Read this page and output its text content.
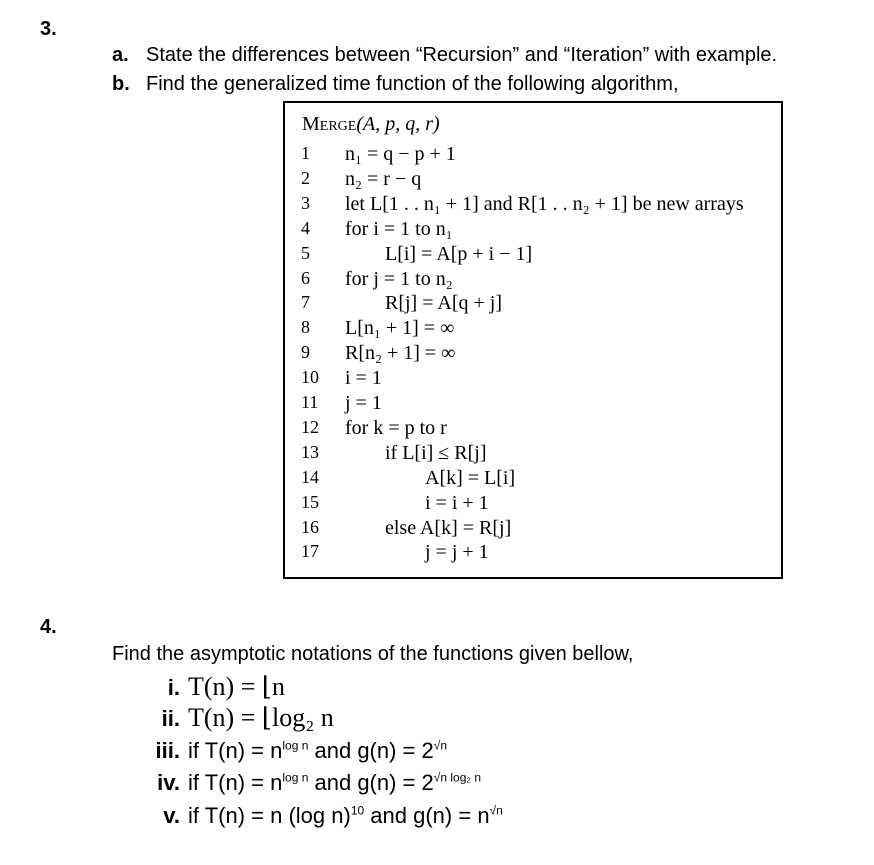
3.
a. State the differences between “Recursion” and “Iteration” with example.
b. Find the generalized time function of the following algorithm,
Merge(A, p, q, r)
1	n₁ = q − p + 1
2	n₂ = r − q
3	let L[1 . . n₁ + 1] and R[1 . . n₂ + 1] be new arrays
4	for i = 1 to n₁
5	L[i] = A[p + i − 1]
6	for j = 1 to n₂
7	R[j] = A[q + j]
8	L[n₁ + 1] = ∞
9	R[n₂ + 1] = ∞
10	i = 1
11	j = 1
12	for k = p to r
13	if L[i] ≤ R[j]
14	A[k] = L[i]
15	i = i + 1
16	else A[k] = R[j]
17	j = j + 1
4.
Find the asymptotic notations of the functions given bellow,
i. T(n) = ⌊n
ii. T(n) = ⌊log₂ n
iii. if $T(n) = n^{log n}$ and $g(n) = 2^{√n}$
iv. if $T(n) = n^{log n}$ and $g(n) = 2^{√n log_2 n}$
v. if T(n) = n (log n)$^{10}$ and $g(n) = n^{√n}$
